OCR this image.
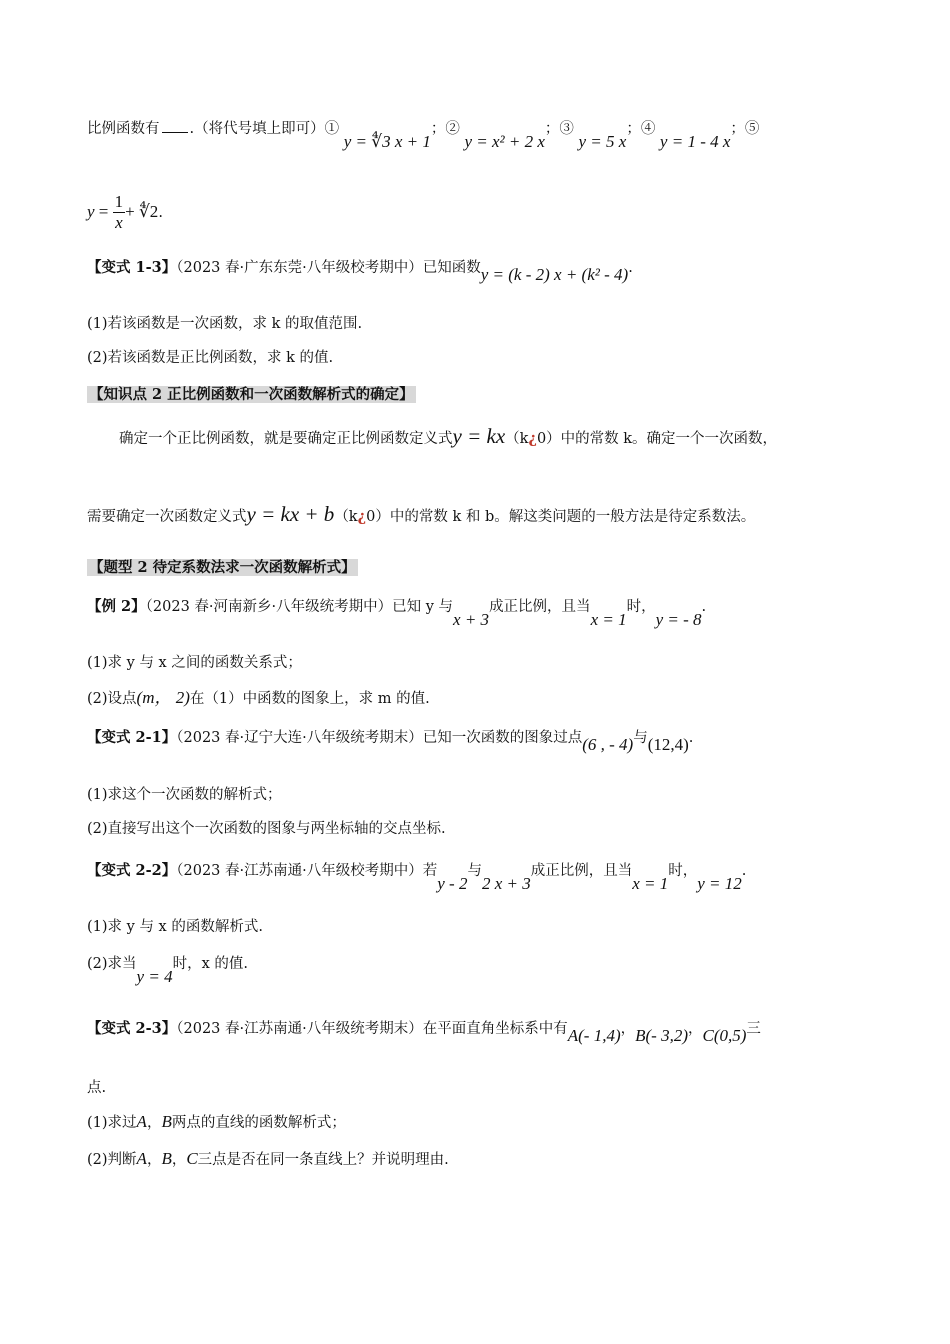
比例函数有 .（将代号填上即可）① y = ∜3 x + 1；② y = x² + 2 x；③ y = 5 x；④ y = 1 - 4 x；⑤
$y = \frac{1}{x}$ + ∜2.
【变式 1-3】（2023 春·广东东莞·八年级校考期中）已知函数y = (k - 2) x + (k² - 4).
(1)若该函数是一次函数，求 k 的取值范围.
(2)若该函数是正比例函数，求 k 的值.
【知识点 2 正比例函数和一次函数解析式的确定】
确定一个正比例函数，就是要确定正比例函数定义式y = kx（k¿0）中的常数 k。确定一个一次函数，
需要确定一次函数定义式y = kx + b（k¿0）中的常数 k 和 b。解这类问题的一般方法是待定系数法。
【题型 2 待定系数法求一次函数解析式】
【例 2】（2023 春·河南新乡·八年级统考期中）已知 y 与x + 3成正比例，且当x = 1时，y = - 8.
(1)求 y 与 x 之间的函数关系式；
(2)设点(m， 2)在（1）中函数的图象上，求 m 的值.
【变式 2-1】（2023 春·辽宁大连·八年级统考期末）已知一次函数的图象过点(6 , - 4)与(12,4).
(1)求这个一次函数的解析式；
(2)直接写出这个一次函数的图象与两坐标轴的交点坐标.
【变式 2-2】（2023 春·江苏南通·八年级校考期中）若y - 2与2 x + 3成正比例，且当x = 1时，y = 12.
(1)求 y 与 x 的函数解析式.
(2)求当y = 4时，x 的值.
【变式 2-3】（2023 春·江苏南通·八年级统考期末）在平面直角坐标系中有A(- 1,4)，B(- 3,2)，C(0,5)三
点.
(1)求过A，B两点的直线的函数解析式；
(2)判断A，B，C三点是否在同一条直线上？并说明理由.
